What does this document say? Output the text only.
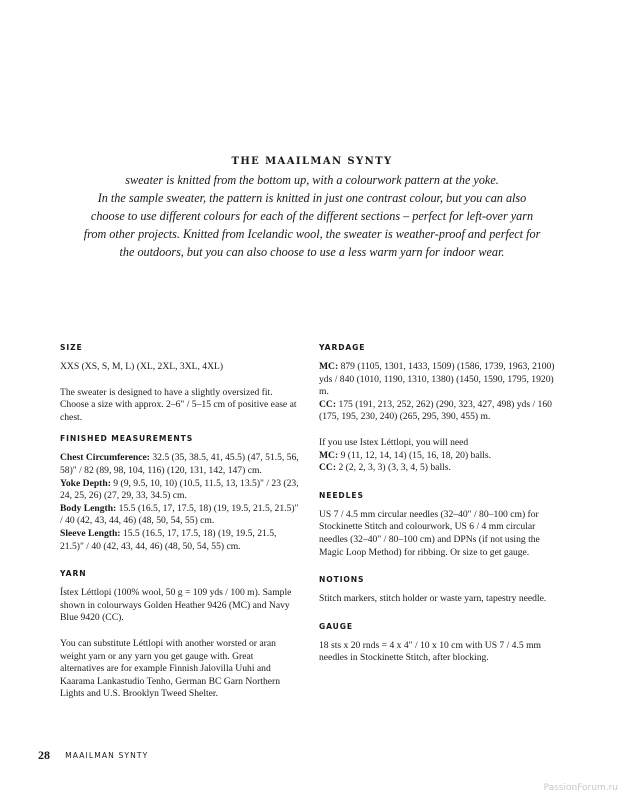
THE MAAILMAN SYNTY
sweater is knitted from the bottom up, with a colourwork pattern at the yoke.
In the sample sweater, the pattern is knitted in just one contrast colour, but you can also
choose to use different colours for each of the different sections – perfect for left-over yarn
from other projects. Knitted from Icelandic wool, the sweater is weather-proof and perfect for
the outdoors, but you can also choose to use a less warm yarn for indoor wear.
SIZE

XXS (XS, S, M, L) (XL, 2XL, 3XL, 4XL)

The sweater is designed to have a slightly oversized fit. Choose a size with approx. 2–6" / 5–15 cm of positive ease at chest.

FINISHED MEASUREMENTS

Chest Circumference: 32.5 (35, 38.5, 41, 45.5) (47, 51.5, 56, 58)" / 82 (89, 98, 104, 116) (120, 131, 142, 147) cm.

Yoke Depth: 9 (9, 9.5, 10, 10) (10.5, 11.5, 13, 13.5)" / 23 (23, 24, 25, 26) (27, 29, 33, 34.5) cm.

Body Length: 15.5 (16.5, 17, 17.5, 18) (19, 19.5, 21.5, 21.5)" / 40 (42, 43, 44, 46) (48, 50, 54, 55) cm.

Sleeve Length: 15.5 (16.5, 17, 17.5, 18) (19, 19.5, 21.5, 21.5)" / 40 (42, 43, 44, 46) (48, 50, 54, 55) cm.

YARN

Ístex Léttlopi (100% wool, 50 g = 109 yds / 100 m). Sample shown in colourways Golden Heather 9426 (MC) and Navy Blue 9420 (CC).

You can substitute Léttlopi with another worsted or aran weight yarn or any yarn you get gauge with. Great alternatives are for example Finnish Jalovilla Uuhi and Kaarama Lankastudio Tenho, German BC Garn Northern Lights and U.S. Brooklyn Tweed Shelter.

YARDAGE

MC: 879 (1105, 1301, 1433, 1509) (1586, 1739, 1963, 2100) yds / 840 (1010, 1190, 1310, 1380) (1450, 1590, 1795, 1920) m.

CC: 175 (191, 213, 252, 262) (290, 323, 427, 498) yds / 160 (175, 195, 230, 240) (265, 295, 390, 455) m.

If you use Istex Léttlopi, you will need

MC: 9 (11, 12, 14, 14) (15, 16, 18, 20) balls.

CC: 2 (2, 2, 3, 3) (3, 3, 4, 5) balls.

NEEDLES

US 7 / 4.5 mm circular needles (32–40" / 80–100 cm) for Stockinette Stitch and colourwork, US 6 / 4 mm circular needles (32–40" / 80–100 cm) and DPNs (if not using the Magic Loop Method) for ribbing. Or size to get gauge.

NOTIONS

Stitch markers, stitch holder or waste yarn, tapestry needle.

GAUGE

18 sts x 20 rnds = 4 x 4" / 10 x 10 cm with US 7 / 4.5 mm needles in Stockinette Stitch, after blocking.

28 MAAILMAN SYNTY
PassionForum.ru
